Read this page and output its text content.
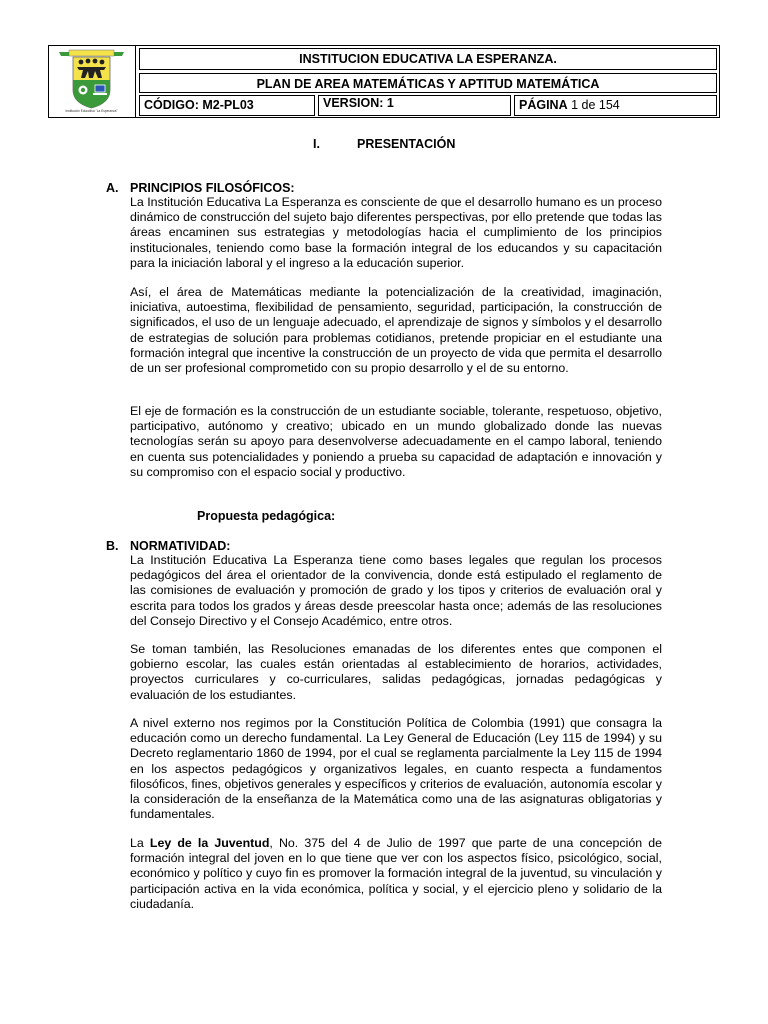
Institución Educativa "La Esperanza"
INSTITUCION EDUCATIVA LA ESPERANZA.
PLAN DE AREA MATEMÁTICAS Y APTITUD MATEMÁTICA
CÓDIGO: M2-PL03	VERSION: 1	PÁGINA 1 de 154
I.	PRESENTACIÓN
A. PRINCIPIOS FILOSÓFICOS:
La Institución Educativa La Esperanza es consciente de que el desarrollo humano es un proceso dinámico de construcción del sujeto bajo diferentes perspectivas, por ello pretende que todas las áreas encaminen sus estrategias y metodologías hacia el cumplimiento de los principios institucionales, teniendo como base la formación integral de los educandos y su capacitación para la iniciación laboral y el ingreso a la educación superior.
Así, el área de Matemáticas mediante la potencialización de la creatividad, imaginación, iniciativa, autoestima, flexibilidad de pensamiento, seguridad, participación, la construcción de significados, el uso de un lenguaje adecuado, el aprendizaje de signos y símbolos y el desarrollo de estrategias de solución para problemas cotidianos, pretende propiciar en el estudiante una formación integral que incentive la construcción de un proyecto de vida que permita el desarrollo de un ser profesional comprometido con su propio desarrollo y el de su entorno.
El eje de formación es la construcción de un estudiante sociable, tolerante, respetuoso, objetivo, participativo, autónomo y creativo; ubicado en un mundo globalizado donde las nuevas tecnologías serán su apoyo para desenvolverse adecuadamente en el campo laboral, teniendo en cuenta sus potencialidades y poniendo a prueba su capacidad de adaptación e innovación y su compromiso con el espacio social y productivo.
Propuesta pedagógica:
B. NORMATIVIDAD:
La Institución Educativa La Esperanza tiene como bases legales que regulan los procesos pedagógicos del área el orientador de la convivencia, donde está estipulado el reglamento de las comisiones de evaluación y promoción de grado y los tipos y criterios de evaluación oral y escrita para todos los grados y áreas desde preescolar hasta once; además de las resoluciones del Consejo Directivo y el Consejo Académico, entre otros.
Se toman también, las Resoluciones emanadas de los diferentes entes que componen el gobierno escolar, las cuales están orientadas al establecimiento de horarios, actividades, proyectos curriculares y co-curriculares, salidas pedagógicas, jornadas pedagógicas y evaluación de los estudiantes.
A nivel externo nos regimos por la Constitución Política de Colombia (1991) que consagra la educación como un derecho fundamental. La Ley General de Educación (Ley 115 de 1994) y su Decreto reglamentario 1860 de 1994, por el cual se reglamenta parcialmente la Ley 115 de 1994 en los aspectos pedagógicos y organizativos legales, en cuanto respecta a fundamentos filosóficos, fines, objetivos generales y específicos y criterios de evaluación, autonomía escolar y la consideración de la enseñanza de la Matemática como una de las asignaturas obligatorias y fundamentales.
La Ley de la Juventud, No. 375 del 4 de Julio de 1997 que parte de una concepción de formación integral del joven en lo que tiene que ver con los aspectos físico, psicológico, social, económico y político y cuyo fin es promover la formación integral de la juventud, su vinculación y participación activa en la vida económica, política y social, y el ejercicio pleno y solidario de la ciudadanía.
